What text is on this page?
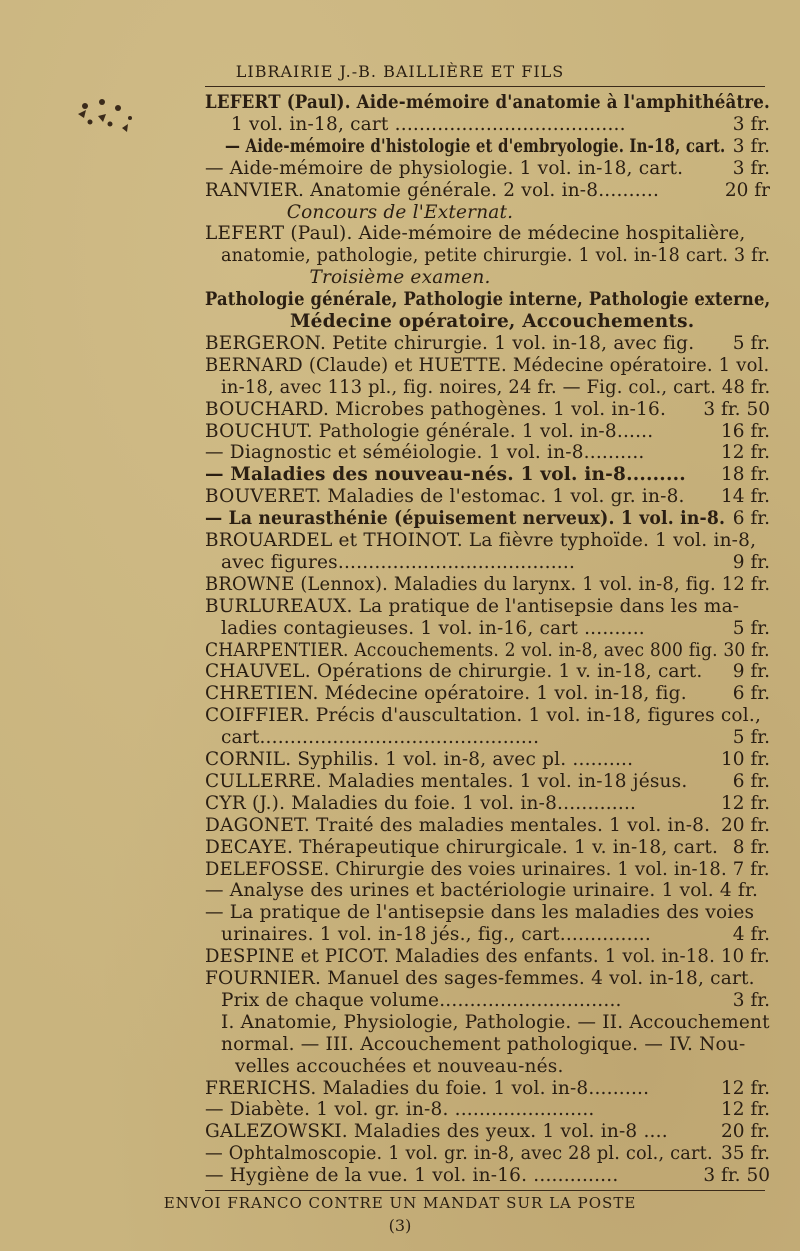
LIBRAIRIE J.-B. BAILLIÈRE ET FILS
LEFERT (Paul). Aide-mémoire d'anatomie à l'amphithéâtre.
1 vol. in-18, cart ......................................	3 fr.
— Aide-mémoire d'histologie et d'embryologie. In-18, cart. 3 fr.
— Aide-mémoire de physiologie. 1 vol. in-18, cart.	3 fr.
RANVIER. Anatomie générale. 2 vol. in-8..........	20 fr
Concours de l'Externat.
LEFERT (Paul). Aide-mémoire de médecine hospitalière,
anatomie, pathologie, petite chirurgie. 1 vol. in-18 cart. 3 fr.
Troisième examen.
Pathologie générale, Pathologie interne, Pathologie externe,
Médecine opératoire, Accouchements.
BERGERON. Petite chirurgie. 1 vol. in-18, avec fig. 5 fr.
BERNARD (Claude) et HUETTE. Médecine opératoire. 1 vol.
in-18, avec 113 pl., fig. noires, 24 fr. — Fig. col., cart. 48 fr.
BOUCHARD. Microbes pathogènes. 1 vol. in-16. 3 fr. 50
BOUCHUT. Pathologie générale. 1 vol. in-8......	16 fr.
— Diagnostic et séméiologie. 1 vol. in-8..........	12 fr.
— Maladies des nouveau-nés. 1 vol. in-8......... 18 fr.
BOUVERET. Maladies de l'estomac. 1 vol. gr. in-8. 14 fr.
— La neurasthénie (épuisement nerveux). 1 vol. in-8. 6 fr.
BROUARDEL et THOINOT. La fièvre typhoïde. 1 vol. in-8,
avec figures.......................................	9 fr.
BROWNE (Lennox). Maladies du larynx. 1 vol. in-8, fig. 12 fr.
BURLUREAUX. La pratique de l'antisepsie dans les ma-
ladies contagieuses. 1 vol. in-16, cart ..........	5 fr.
CHARPENTIER. Accouchements. 2 vol. in-8, avec 800 fig. 30 fr.
CHAUVEL. Opérations de chirurgie. 1 v. in-18, cart. 9 fr.
CHRETIEN. Médecine opératoire. 1 vol. in-18, fig. 6 fr.
COIFFIER. Précis d'auscultation. 1 vol. in-18, figures col.,
cart..............................................	5 fr.
CORNIL. Syphilis. 1 vol. in-8, avec pl. ..........	10 fr.
CULLERRE. Maladies mentales. 1 vol. in-18 jésus. 6 fr.
CYR (J.). Maladies du foie. 1 vol. in-8.............	12 fr.
DAGONET. Traité des maladies mentales. 1 vol. in-8. 20 fr.
DECAYE. Thérapeutique chirurgicale. 1 v. in-18, cart. 8 fr.
DELEFOSSE. Chirurgie des voies urinaires. 1 vol. in-18. 7 fr.
— Analyse des urines et bactériologie urinaire. 1 vol. 4 fr.
— La pratique de l'antisepsie dans les maladies des voies
urinaires. 1 vol. in-18 jés., fig., cart...............	4 fr.
DESPINE et PICOT. Maladies des enfants. 1 vol. in-18. 10 fr.
FOURNIER. Manuel des sages-femmes. 4 vol. in-18, cart.
Prix de chaque volume..............................	3 fr.
I. Anatomie, Physiologie, Pathologie. — II. Accouchement
normal. — III. Accouchement pathologique. — IV. Nou-
velles accouchées et nouveau-nés.
FRERICHS. Maladies du foie. 1 vol. in-8..........	12 fr.
— Diabète. 1 vol. gr. in-8. .......................	12 fr.
GALEZOWSKI. Maladies des yeux. 1 vol. in-8 ....	20 fr.
— Ophtalmoscopie. 1 vol. gr. in-8, avec 28 pl. col., cart. 35 fr.
— Hygiène de la vue. 1 vol. in-16. ..............	3 fr. 50
ENVOI FRANCO CONTRE UN MANDAT SUR LA POSTE
(3)
